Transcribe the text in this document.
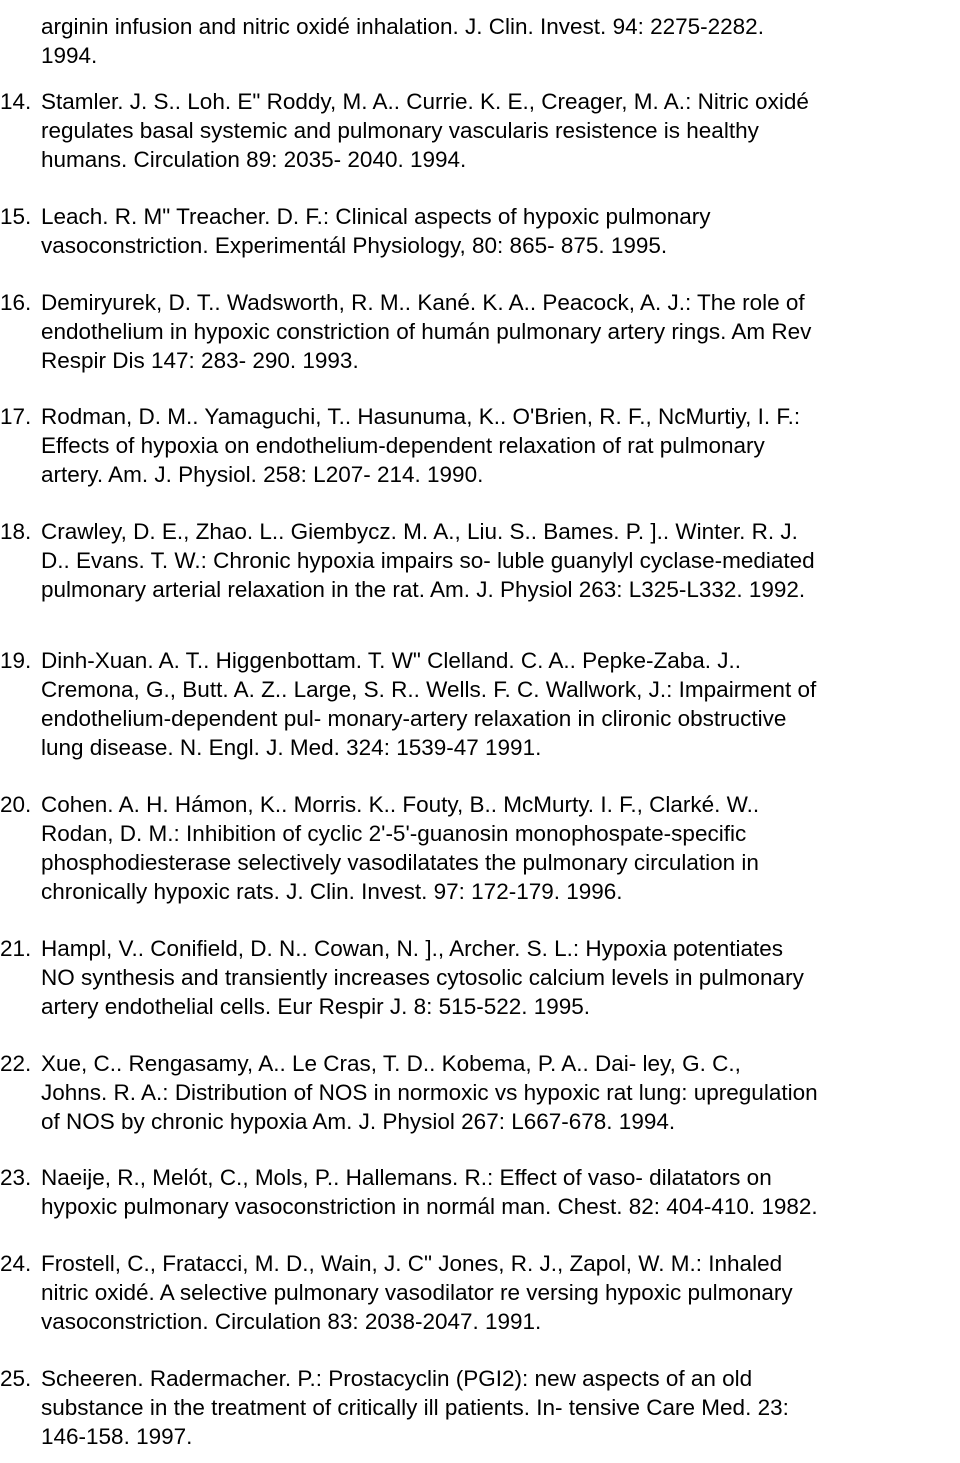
arginin infusion and nitric oxidé inhalation. J. Clin. Invest. 94: 2275-2282.
1994.
14. Stamler. J. S.. Loh. E" Roddy, M. A.. Currie. K. E., Creager, M. A.: Nitric oxidé
regulates basal systemic and pulmonary vascularis resistence is healthy
humans. Circulation 89: 2035- 2040. 1994.
15. Leach. R. M" Treacher. D. F.: Clinical aspects of hypoxic pulmonary
vasoconstriction. Experimentál Physiology, 80: 865- 875. 1995.
16. Demiryurek, D. T.. Wadsworth, R. M.. Kané. K. A.. Peacock, A. J.: The role of
endothelium in hypoxic constriction of humán pulmonary artery rings. Am Rev
Respir Dis 147: 283- 290. 1993.
17. Rodman, D. M.. Yamaguchi, T.. Hasunuma, K.. O'Brien, R. F., NcMurtiy, I. F.:
Effects of hypoxia on endothelium-dependent relaxation of rat pulmonary
artery. Am. J. Physiol. 258: L207- 214. 1990.
18. Crawley, D. E., Zhao. L.. Giembycz. M. A., Liu. S.. Bames. P. ].. Winter. R. J.
D.. Evans. T. W.: Chronic hypoxia impairs so- luble guanylyl cyclase-mediated
pulmonary arterial relaxation in the rat. Am. J. Physiol 263: L325-L332. 1992.
19. Dinh-Xuan. A. T.. Higgenbottam. T. W" Clelland. C. A.. Pepke-Zaba. J..
Cremona, G., Butt. A. Z.. Large, S. R.. Wells. F. C. Wallwork, J.: Impairment of
endothelium-dependent pul- monary-artery relaxation in clironic obstructive
lung disease. N. Engl. J. Med. 324: 1539-47 1991.
20. Cohen. A. H. Hámon, K.. Morris. K.. Fouty, B.. McMurty. I. F., Clarké. W..
Rodan, D. M.: Inhibition of cyclic 2'-5'-guanosin monophospate-specific
phosphodiesterase selectively vasodilatates the pulmonary circulation in
chronically hypoxic rats. J. Clin. Invest. 97: 172-179. 1996.
21. Hampl, V.. Conifield, D. N.. Cowan, N. ]., Archer. S. L.: Hypoxia potentiates
NO synthesis and transiently increases cytosolic calcium levels in pulmonary
artery endothelial cells. Eur Respir J. 8: 515-522. 1995.
22. Xue, C.. Rengasamy, A.. Le Cras, T. D.. Kobema, P. A.. Dai- ley, G. C.,
Johns. R. A.: Distribution of NOS in normoxic vs hypoxic rat lung: upregulation
of NOS by chronic hypoxia Am. J. Physiol 267: L667-678. 1994.
23. Naeije, R., Melót, C., Mols, P.. Hallemans. R.: Effect of vaso- dilatators on
hypoxic pulmonary vasoconstriction in normál man. Chest. 82: 404-410. 1982.
24. Frostell, C., Fratacci, M. D., Wain, J. C" Jones, R. J., Zapol, W. M.: Inhaled
nitric oxidé. A selective pulmonary vasodilator re versing hypoxic pulmonary
vasoconstriction. Circulation 83: 2038-2047. 1991.
25. Scheeren. Radermacher. P.: Prostacyclin (PGI2): new aspects of an old
substance in the treatment of critically ill patients. In- tensive Care Med. 23:
146-158. 1997.
